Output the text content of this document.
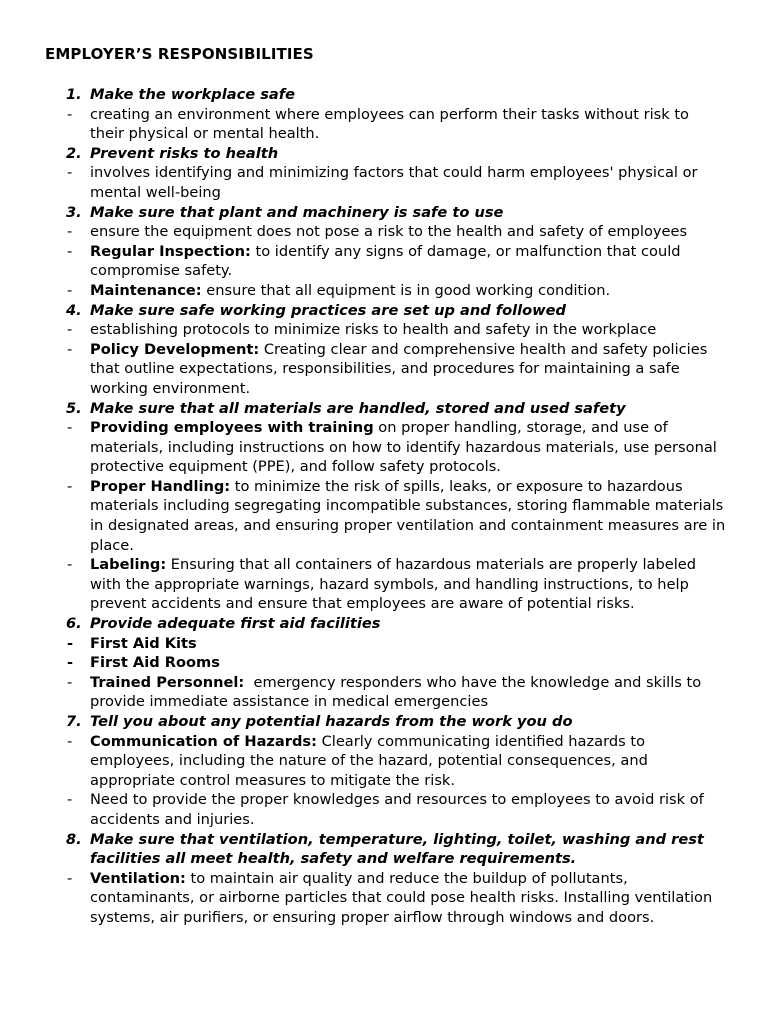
EMPLOYER’S RESPONSIBILITIES
1. Make the workplace safe
-	creating an environment where employees can perform their tasks without risk to their physical or mental health.
2. Prevent risks to health
-	involves identifying and minimizing factors that could harm employees' physical or mental well-being
3. Make sure that plant and machinery is safe to use
-	ensure the equipment does not pose a risk to the health and safety of employees
-	Regular Inspection: to identify any signs of damage, or malfunction that could compromise safety.
-	Maintenance: ensure that all equipment is in good working condition.
4. Make sure safe working practices are set up and followed
-	establishing protocols to minimize risks to health and safety in the workplace
-	Policy Development: Creating clear and comprehensive health and safety policies that outline expectations, responsibilities, and procedures for maintaining a safe working environment.
5. Make sure that all materials are handled, stored and used safety
-	Providing employees with training on proper handling, storage, and use of materials, including instructions on how to identify hazardous materials, use personal protective equipment (PPE), and follow safety protocols.
-	Proper Handling: to minimize the risk of spills, leaks, or exposure to hazardous materials including segregating incompatible substances, storing flammable materials in designated areas, and ensuring proper ventilation and containment measures are in place.
-	Labeling: Ensuring that all containers of hazardous materials are properly labeled with the appropriate warnings, hazard symbols, and handling instructions, to help prevent accidents and ensure that employees are aware of potential risks.
6. Provide adequate first aid facilities
-	First Aid Kits
-	First Aid Rooms
-	Trained Personnel:  emergency responders who have the knowledge and skills to provide immediate assistance in medical emergencies
7. Tell you about any potential hazards from the work you do
-	Communication of Hazards: Clearly communicating identified hazards to employees, including the nature of the hazard, potential consequences, and appropriate control measures to mitigate the risk.
-	Need to provide the proper knowledges and resources to employees to avoid risk of accidents and injuries.
8. Make sure that ventilation, temperature, lighting, toilet, washing and rest facilities all meet health, safety and welfare requirements.
-	Ventilation: to maintain air quality and reduce the buildup of pollutants, contaminants, or airborne particles that could pose health risks. Installing ventilation systems, air purifiers, or ensuring proper airflow through windows and doors.
